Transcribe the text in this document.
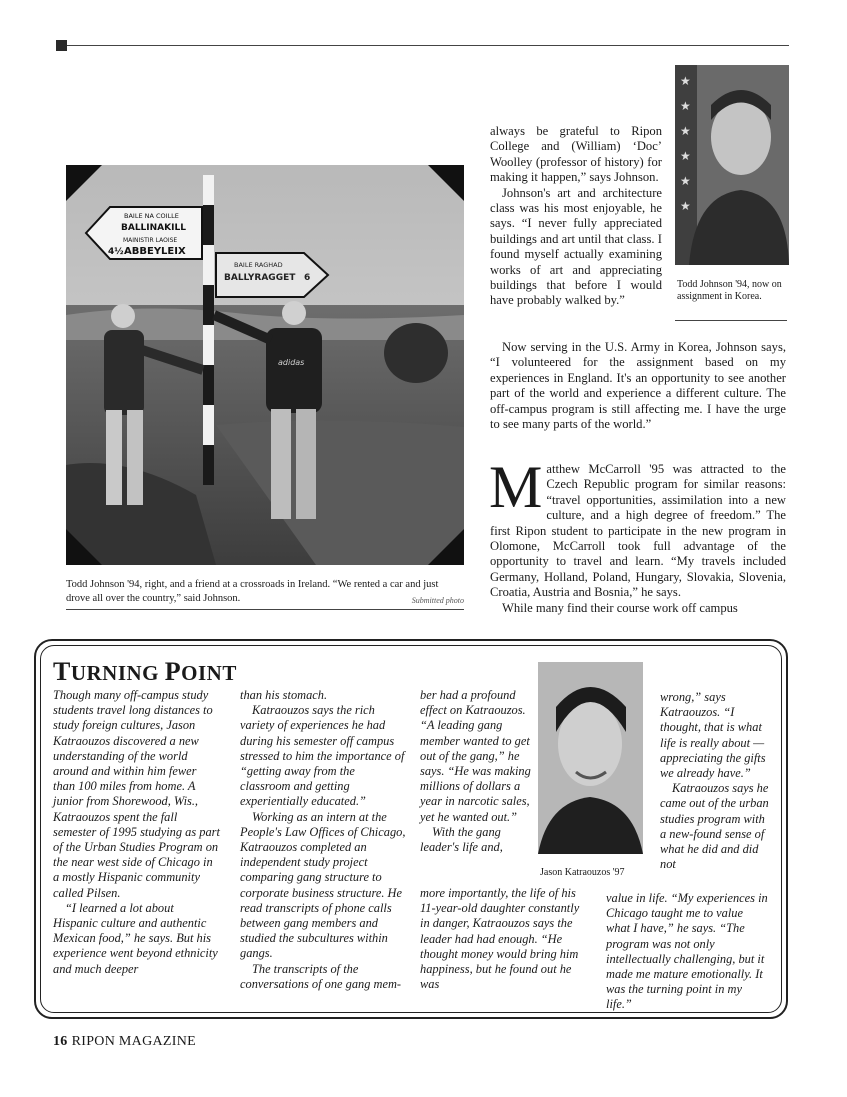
BAILE NA COILLE
BALLINAKILL
MAINISTIR LAOISE
ABBEYLEIX
4½
BAILE RAGHAD
BALLYRAGGET 6
adidas
Todd Johnson '94, right, and a friend at a crossroads in Ireland. “We rented a car and just drove all over the country,” said Johnson.	Submitted photo

always be grateful to Ripon College and (William) ‘Doc’ Woolley (professor of history) for making it happen,” says Johnson.

Johnson's art and architecture class was his most enjoyable, he says. “I never fully appreciated buildings and art until that class. I found myself actually examining works of art and appreciating buildings that before I would have probably walked by.”

Now serving in the U.S. Army in Korea, Johnson says, “I volunteered for the assignment based on my experiences in England. It's an opportunity to see another part of the world and experience a different culture. The off-campus program is still affecting me. I have the urge to see many parts of the world.”

Matthew McCarroll '95 was attracted to the Czech Republic program for similar reasons: “travel opportunities, assimilation into a new culture, and a high degree of freedom.” The first Ripon student to participate in the new program in Olomone, McCarroll took full advantage of the opportunity to travel and learn. “My travels included Germany, Holland, Poland, Hungary, Slovakia, Slovenia, Croatia, Austria and Bosnia,” he says.

While many find their course work off campus

★
★
★
★
★
★
Todd Johnson '94, now on assignment in Korea.
TURNING POINT

Though many off-campus study students travel long distances to study foreign cultures, Jason Katraouzos discovered a new understanding of the world around and within him fewer than 100 miles from home. A junior from Shorewood, Wis., Katraouzos spent the fall semester of 1995 studying as part of the Urban Studies Program on the near west side of Chicago in a mostly Hispanic community called Pilsen.

“I learned a lot about Hispanic culture and authentic Mexican food,” he says. But his experience went beyond ethnicity and much deeper

than his stomach.

Katraouzos says the rich variety of experiences he had during his semester off campus stressed to him the importance of “getting away from the classroom and getting experientially educated.”

Working as an intern at the People's Law Offices of Chicago, Katraouzos completed an independent study project comparing gang structure to corporate business structure. He read transcripts of phone calls between gang members and studied the subcultures within gangs.

The transcripts of the conversations of one gang mem-

ber had a profound effect on Katraouzos. “A leading gang member wanted to get out of the gang,” he says. “He was making millions of dollars a year in narcotic sales, yet he wanted out.”

With the gang leader's life and,

more importantly, the life of his 11-year-old daughter constantly in danger, Katraouzos says the leader had had enough. “He thought money would bring him happiness, but he found out he was

Jason Katraouzos '97

wrong,” says Katraouzos. “I thought, that is what life is really about — appreciating the gifts we already have.”

Katraouzos says he came out of the urban studies program with a new-found sense of what he did and did not

value in life. “My experiences in Chicago taught me to value what I have,” he says. “The program was not only intellectually challenging, but it made me mature emotionally. It was the turning point in my life.”

16 RIPON MAGAZINE
